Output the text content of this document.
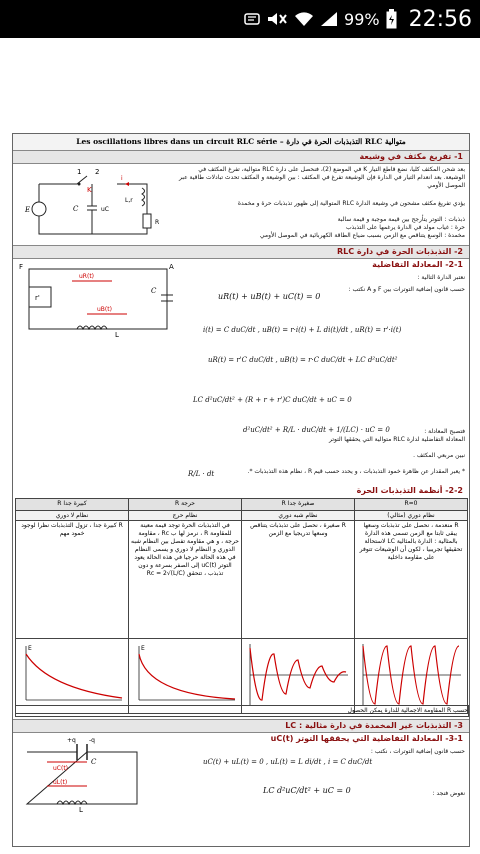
99% 22:56
Les oscillations libres dans un circuit RLC série – التذبذبات الحرة في دارة RLC متوالية
1- تفريغ مكثف في وشيعة
E
1 2
K
C	uC
L,r
R
i
بعد شحن المكثف كليا، نضع قاطع التيار K في الموضع (2)، فنحصل على دارة RLC متوالية، تفرغ المكثف في الوشيعة. بعد انعدام التيار في الدارة فإن الوشيعة تفرغ في المكثف : بين الوشيعة و المكثف تحدث تبادلات طاقية عبر الموصل الأومي
يؤدي تفريغ مكثف مشحون في وشيعة الدارة RLC المتوالية إلى ظهور تذبذبات حرة و مخمدة
ذبذبات : التوتر يتأرجح بين قيمة موجبة و قيمة سالبة
حرة : غياب مولد في الدارة يرغمها على التذبذب
مخمدة : الوسع يتناقص مع الزمن بسبب ضياع الطاقة الكهربائية في الموصل الأومي
2- التذبذبات الحرة في دارة RLC
2-1- المعادلة التفاضلية
F	A
r'
uR(t)
C
uB(t)
L
نعتبر الدارة التالية :
حسب قانون إضافية التوترات بين F و A نكتب :
uR(t) + uB(t) + uC(t) = 0
i(t) = C duC/dt , uB(t) = r·i(t) + L di(t)/dt , uR(t) = r'·i(t)
uR(t) = r'C duC/dt , uB(t) = r·C duC/dt + LC d²uC/dt²
LC d²uC/dt² + (R + r + r')C duC/dt + uC = 0
فتصبح المعادلة :
d²uC/dt² + R/L · duC/dt + 1/(LC) · uC = 0
المعادلة التفاضلية لدارة RLC متوالية التي يحققها التوتر
نبين مربعي المكثف .
R/L · dt	* يعبر المقدار عن ظاهرة خمود التذبذبات ، و يحدد حسب قيم R ، نظام هذه التذبذبات *.
2-2- أنظمة التذبذبات الحرة
R كبيرة جدا	R حرجة	R صغيرة جدا	R=0
نظام لا دوري	نظام حرج	نظام شبه دوري	نظام دوري (مثالي)
R كبيرة جدا ، تزول التذبذبات نظرا لوجود خمود مهم	في التذبذبات الحرة توجد قيمة معينة للمقاومة R ، نرمز لها ب Rc ، مقاومة حرجة ، و هي مقاومة تفصل بين النظام شبه الدوري و النظام لا دوري و يسمى النظام في هذه الحالة حرجيا في هذه الحالة يعود التوتر uC(t) إلى الصفر بسرعة و دون تذبذب ، تتحقق Rc = 2√(L/C)	R صغيرة ، نحصل على تذبذبات يتناقص وسعها تدريجيا مع الزمن	R منعدمة ، نحصل على تذبذبات وسعها يبقى ثابتا مع الزمن تسمى هذه الدارة بالمثالية : الدارة بالمثالية LC لاستحالة تحقيقها تجريبيا ، لكون أن الوشيعات تتوفر على مقاومة داخلية

E	E

حسب R المقاومة الاجمالية للدارة يمكن الحصول
3- التذبذبات غير المخمدة في دارة مثالية : LC
3-1- المعادلة التفاضلية التي يحققها التوتر uC(t)
+q -q
C
uC(t)
uL(t)
L
حسب قانون إضافية التوترات ، نكتب :
uC(t) + uL(t) = 0 , uL(t) = L di/dt , i = C duC/dt
نعوض فنجد :
LC d²uC/dt² + uC = 0
